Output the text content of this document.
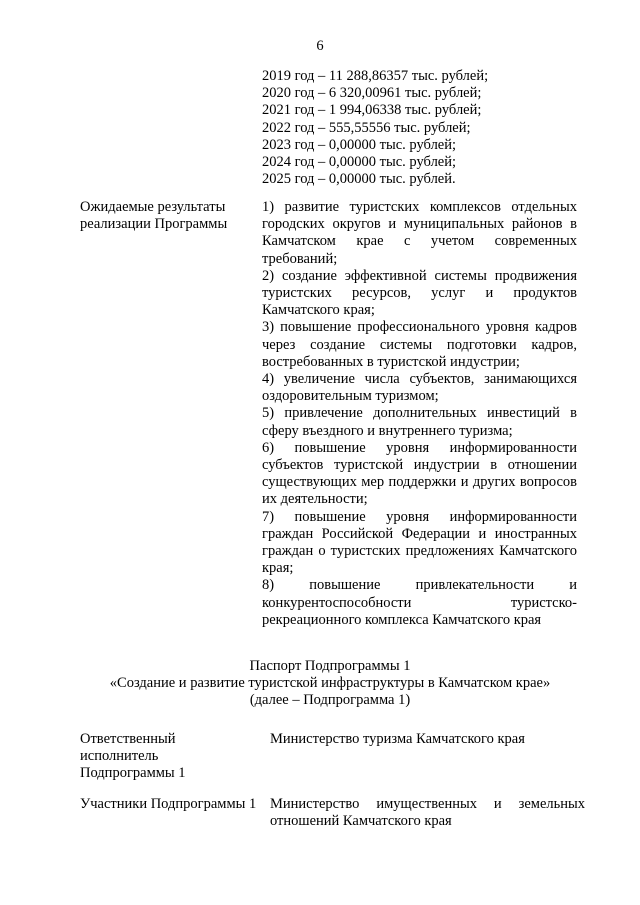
6
2019 год – 11 288,86357 тыс. рублей;
2020 год – 6 320,00961 тыс. рублей;
2021 год – 1 994,06338 тыс. рублей;
2022 год – 555,55556 тыс. рублей;
2023 год – 0,00000 тыс. рублей;
2024 год – 0,00000 тыс. рублей;
2025 год – 0,00000 тыс. рублей.
Ожидаемые результаты реализации Программы

1) развитие туристских комплексов отдельных городских округов и муниципальных районов в Камчатском крае с учетом современных требований;

2) создание эффективной системы продвижения туристских ресурсов, услуг и продуктов Камчатского края;

3) повышение профессионального уровня кадров через создание системы подготовки кадров, востребованных в туристской индустрии;

4) увеличение числа субъектов, занимающихся оздоровительным туризмом;

5) привлечение дополнительных инвестиций в сферу въездного и внутреннего туризма;

6) повышение уровня информированности субъектов туристской индустрии в отношении существующих мер поддержки и других вопросов их деятельности;

7) повышение уровня информированности граждан Российской Федерации и иностранных граждан о туристских предложениях Камчатского края;

8) повышение привлекательности и конкурентоспособности туристско-рекреационного комплекса Камчатского края

Паспорт Подпрограммы 1
«Создание и развитие туристской инфраструктуры в Камчатском крае»
(далее – Подпрограмма 1)
Ответственный исполнитель Подпрограммы 1
Министерство туризма Камчатского края
Участники Подпрограммы 1 Министерство имущественных и земельных отношений Камчатского края
